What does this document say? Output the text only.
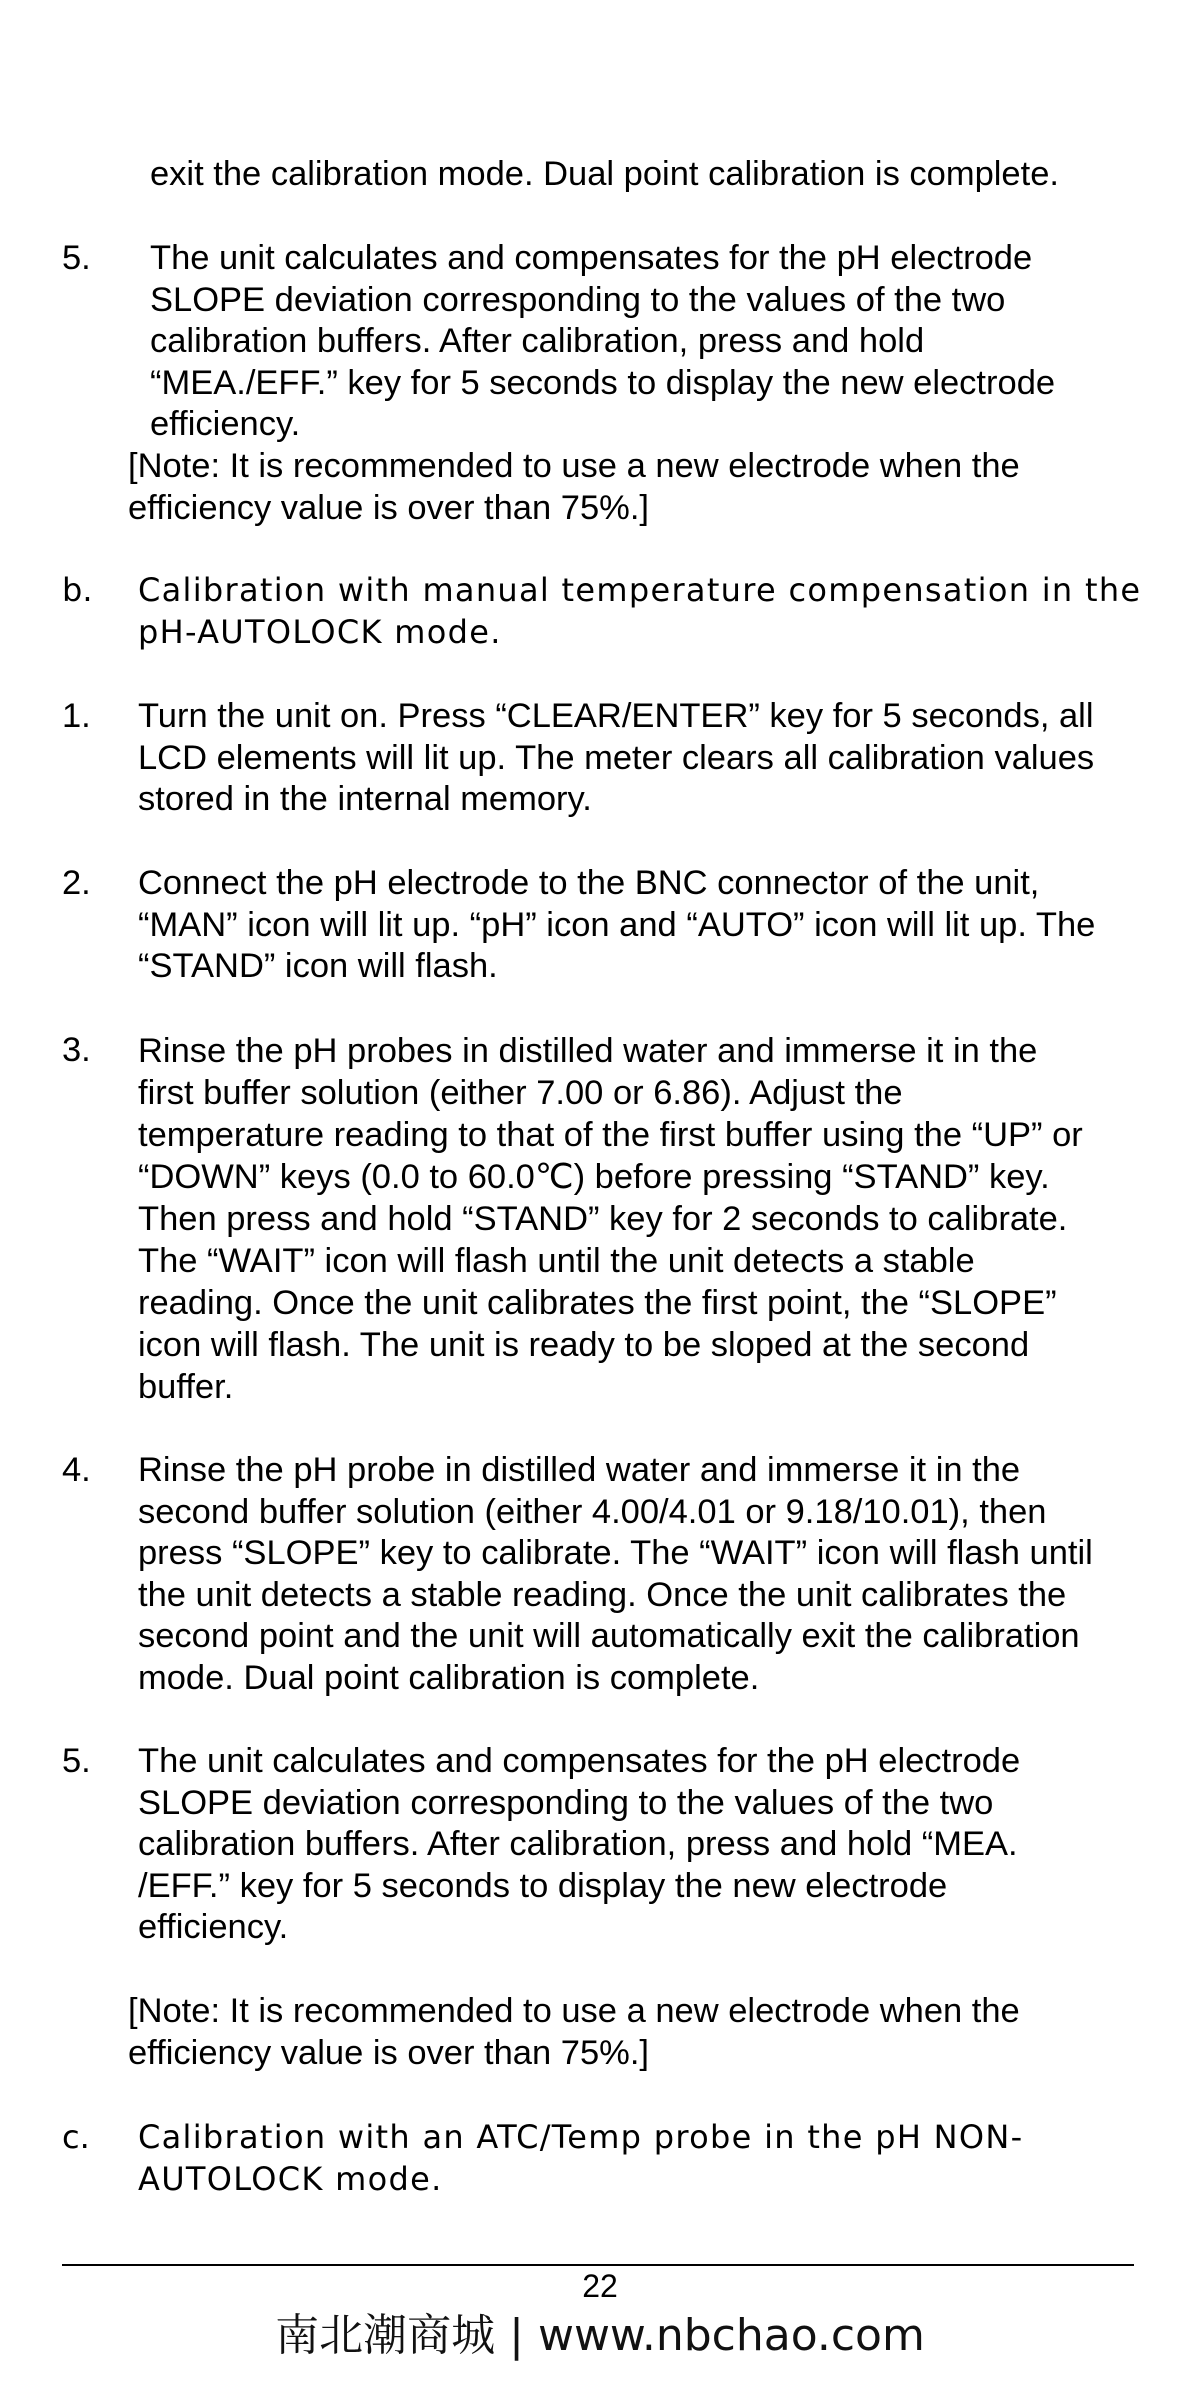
exit the calibration mode. Dual point calibration is complete.
5. The unit calculates and compensates for the pH electrode
SLOPE deviation corresponding to the values of the two
calibration buffers. After calibration, press and hold
“MEA./EFF.” key for 5 seconds to display the new electrode
efficiency.
[Note: It is recommended to use a new electrode when the
efficiency value is over than 75%.]
b. Calibration with manual temperature compensation in the
pH-AUTOLOCK mode.
1. Turn the unit on. Press “CLEAR/ENTER” key for 5 seconds, all
LCD elements will lit up. The meter clears all calibration values
stored in the internal memory.
2. Connect the pH electrode to the BNC connector of the unit,
“MAN” icon will lit up. “pH” icon and “AUTO” icon will lit up. The
“STAND” icon will flash.
3. Rinse the pH probes in distilled water and immerse it in the
first buffer solution (either 7.00 or 6.86). Adjust the
temperature reading to that of the first buffer using the “UP” or
“DOWN” keys (0.0 to 60.0℃) before pressing “STAND” key.
Then press and hold “STAND” key for 2 seconds to calibrate.
The “WAIT” icon will flash until the unit detects a stable
reading. Once the unit calibrates the first point, the “SLOPE”
icon will flash. The unit is ready to be sloped at the second
buffer.
4. Rinse the pH probe in distilled water and immerse it in the
second buffer solution (either 4.00/4.01 or 9.18/10.01), then
press “SLOPE” key to calibrate. The “WAIT” icon will flash until
the unit detects a stable reading. Once the unit calibrates the
second point and the unit will automatically exit the calibration
mode. Dual point calibration is complete.
5. The unit calculates and compensates for the pH electrode
SLOPE deviation corresponding to the values of the two
calibration buffers. After calibration, press and hold “MEA.
/EFF.” key for 5 seconds to display the new electrode
efficiency.
[Note: It is recommended to use a new electrode when the
efficiency value is over than 75%.]
c. Calibration with an ATC/Temp probe in the pH NON-
AUTOLOCK mode.
22
南北潮商城 | www.nbchao.com
